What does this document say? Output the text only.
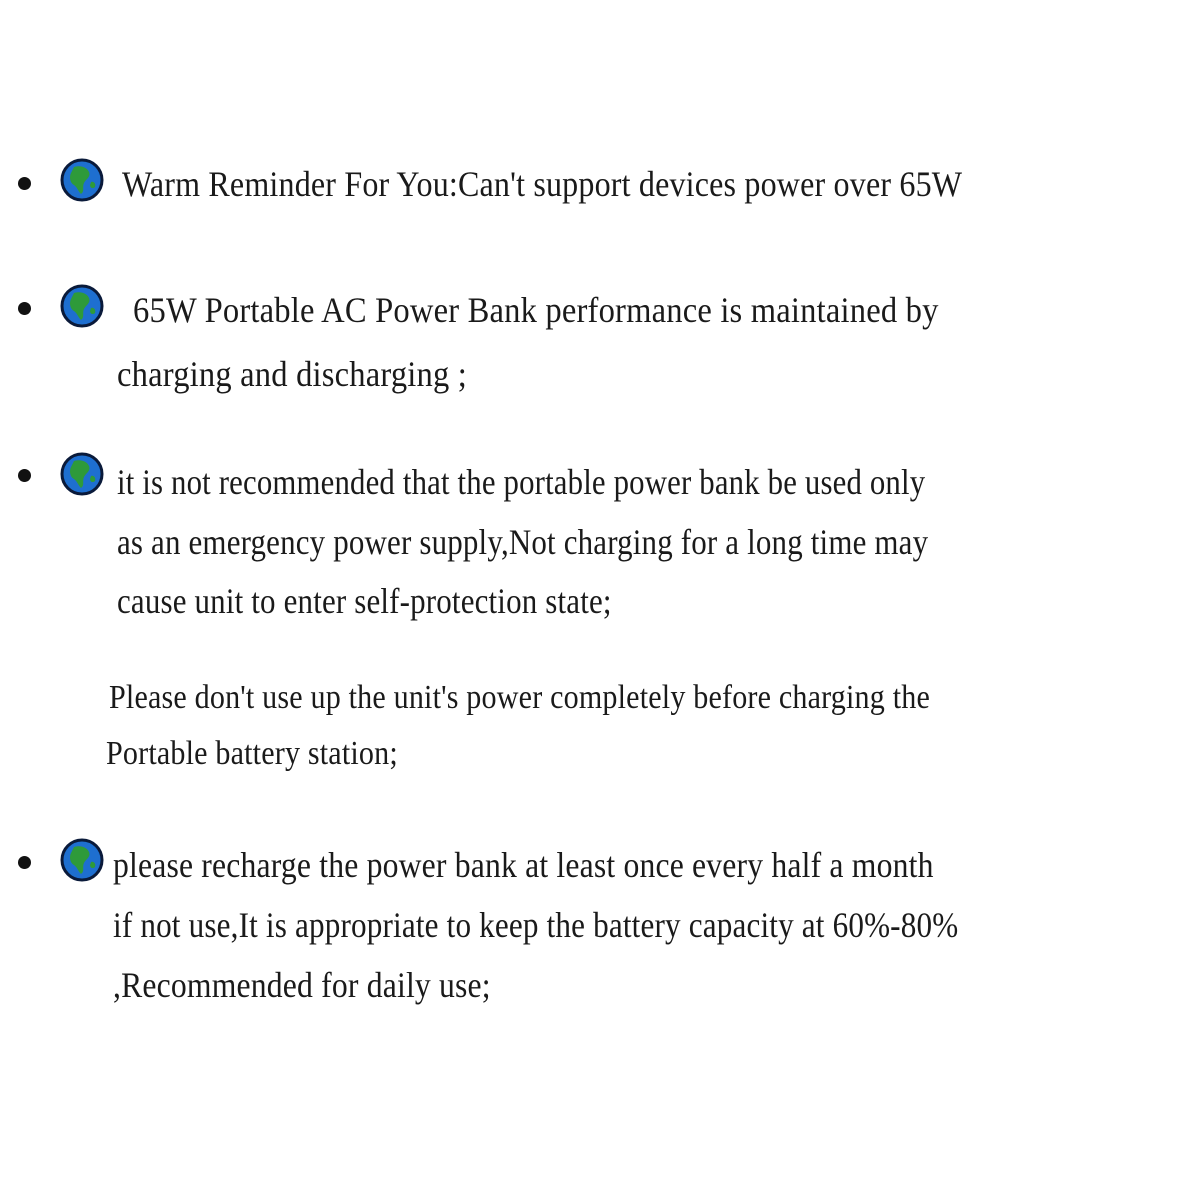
Warm Reminder For You:Can't support devices power over 65W
65W Portable AC Power Bank performance is maintained by
charging and discharging ;
it is not recommended that the portable power bank be used only
as an emergency power supply,Not charging for a long time may
cause unit to enter self-protection state;
Please don't use up the unit's power completely before charging the
Portable battery station;
please recharge the power bank at least once every half a month
if not use,It is appropriate to keep the battery capacity at 60%-80%
,Recommended for daily use;
